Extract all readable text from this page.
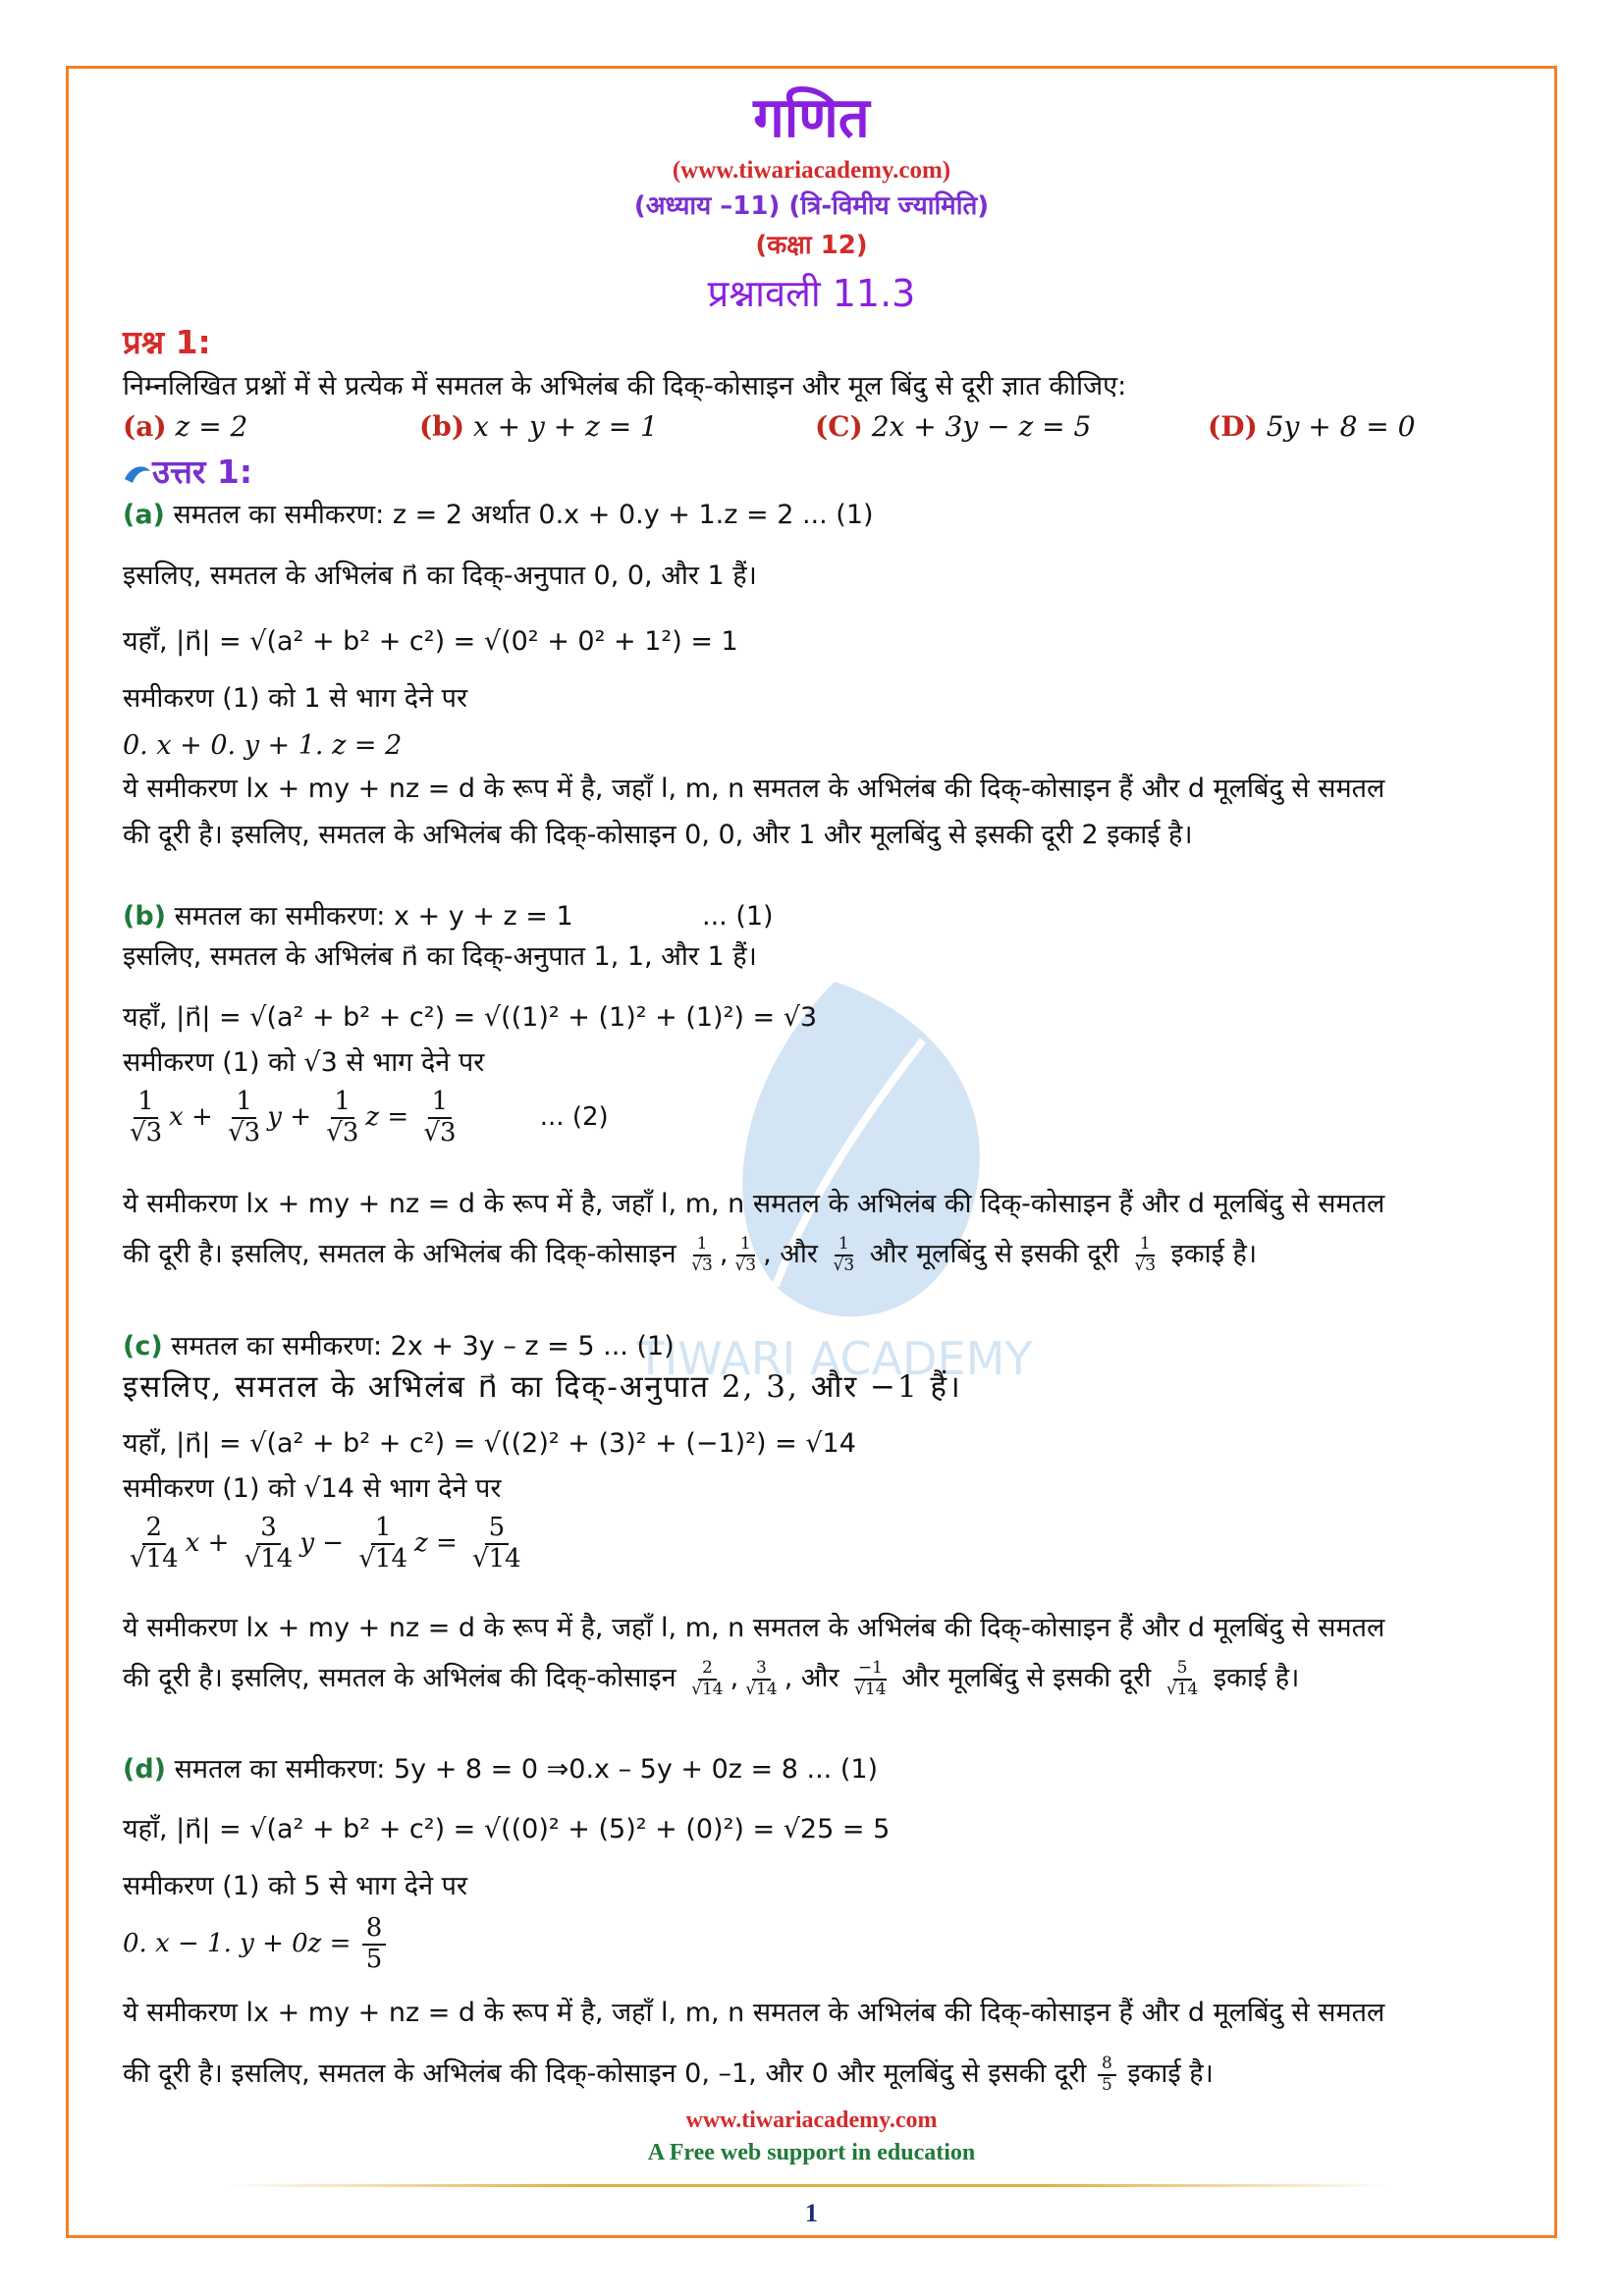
TIWARI ACADEMY
गणित
(www.tiwariacademy.com)
(अध्याय –11) (त्रि-विमीय ज्यामिति)
(कक्षा 12)
प्रश्नावली 11.3
प्रश्न 1:
निम्नलिखित प्रश्नों में से प्रत्येक में समतल के अभिलंब की दिक्-कोसाइन और मूल बिंदु से दूरी ज्ञात कीजिए:
(a) z = 2	(b) x + y + z = 1	(C) 2x + 3y − z = 5	(D) 5y + 8 = 0
उत्तर 1:
(a) समतल का समीकरण: z = 2 अर्थात 0.x + 0.y + 1.z = 2 ... (1)
इसलिए, समतल के अभिलंब n⃗ का दिक्-अनुपात 0, 0, और 1 हैं।
यहाँ, |n⃗| = √(a² + b² + c²) = √(0² + 0² + 1²) = 1
समीकरण (1) को 1 से भाग देने पर
0. x + 0. y + 1. z = 2
ये समीकरण lx + my + nz = d के रूप में है, जहाँ l, m, n समतल के अभिलंब की दिक्-कोसाइन हैं और d मूलबिंदु से समतल
की दूरी है। इसलिए, समतल के अभिलंब की दिक्-कोसाइन 0, 0, और 1 और मूलबिंदु से इसकी दूरी 2 इकाई है।
(b) समतल का समीकरण: x + y + z = 1	... (1)
इसलिए, समतल के अभिलंब n⃗ का दिक्-अनुपात 1, 1, और 1 हैं।
यहाँ, |n⃗| = √(a² + b² + c²) = √((1)² + (1)² + (1)²) = √3
समीकरण (1) को √3 से भाग देने पर
$\frac{1}{√3}$ $x + \frac{1}{√3}$ $y + \frac{1}{√3}$ $z = \frac{1}{√3}$	... (2)
ये समीकरण lx + my + nz = d के रूप में है, जहाँ l, m, n समतल के अभिलंब की दिक्-कोसाइन हैं और d मूलबिंदु से समतल
की दूरी है। इसलिए, समतल के अभिलंब की दिक्-कोसाइन $\frac{1}{√3}$ , $\frac{1}{√3}$ , और $\frac{1}{√3}$ और मूलबिंदु से इसकी दूरी $\frac{1}{√3}$ इकाई है।
(c) समतल का समीकरण: 2x + 3y – z = 5 ... (1)
इसलिए, समतल के अभिलंब n⃗ का दिक्-अनुपात 2, 3, और −1 हैं।
यहाँ, |n⃗| = √(a² + b² + c²) = √((2)² + (3)² + (−1)²) = √14
समीकरण (1) को √14 से भाग देने पर
$\frac{2}{√14}$ $x + \frac{3}{√14}$ $y - \frac{1}{√14}$ $z = \frac{5}{√14}$
ये समीकरण lx + my + nz = d के रूप में है, जहाँ l, m, n समतल के अभिलंब की दिक्-कोसाइन हैं और d मूलबिंदु से समतल
की दूरी है। इसलिए, समतल के अभिलंब की दिक्-कोसाइन $\frac{2}{√14}$ , $\frac{3}{√14}$ , और $\frac{-1}{√14}$ और मूलबिंदु से इसकी दूरी $\frac{5}{√14}$ इकाई है।
(d) समतल का समीकरण: 5y + 8 = 0 ⇒0.x – 5y + 0z = 8 ... (1)
यहाँ, |n⃗| = √(a² + b² + c²) = √((0)² + (5)² + (0)²) = √25 = 5
समीकरण (1) को 5 से भाग देने पर
0. x − 1. $y + 0z = \frac{8}{5}$
ये समीकरण lx + my + nz = d के रूप में है, जहाँ l, m, n समतल के अभिलंब की दिक्-कोसाइन हैं और d मूलबिंदु से समतल
की दूरी है। इसलिए, समतल के अभिलंब की दिक्-कोसाइन 0, –1, और 0 और मूलबिंदु से इसकी दूरी $\frac{8}{5}$ इकाई है।
www.tiwariacademy.com
A Free web support in education
1
